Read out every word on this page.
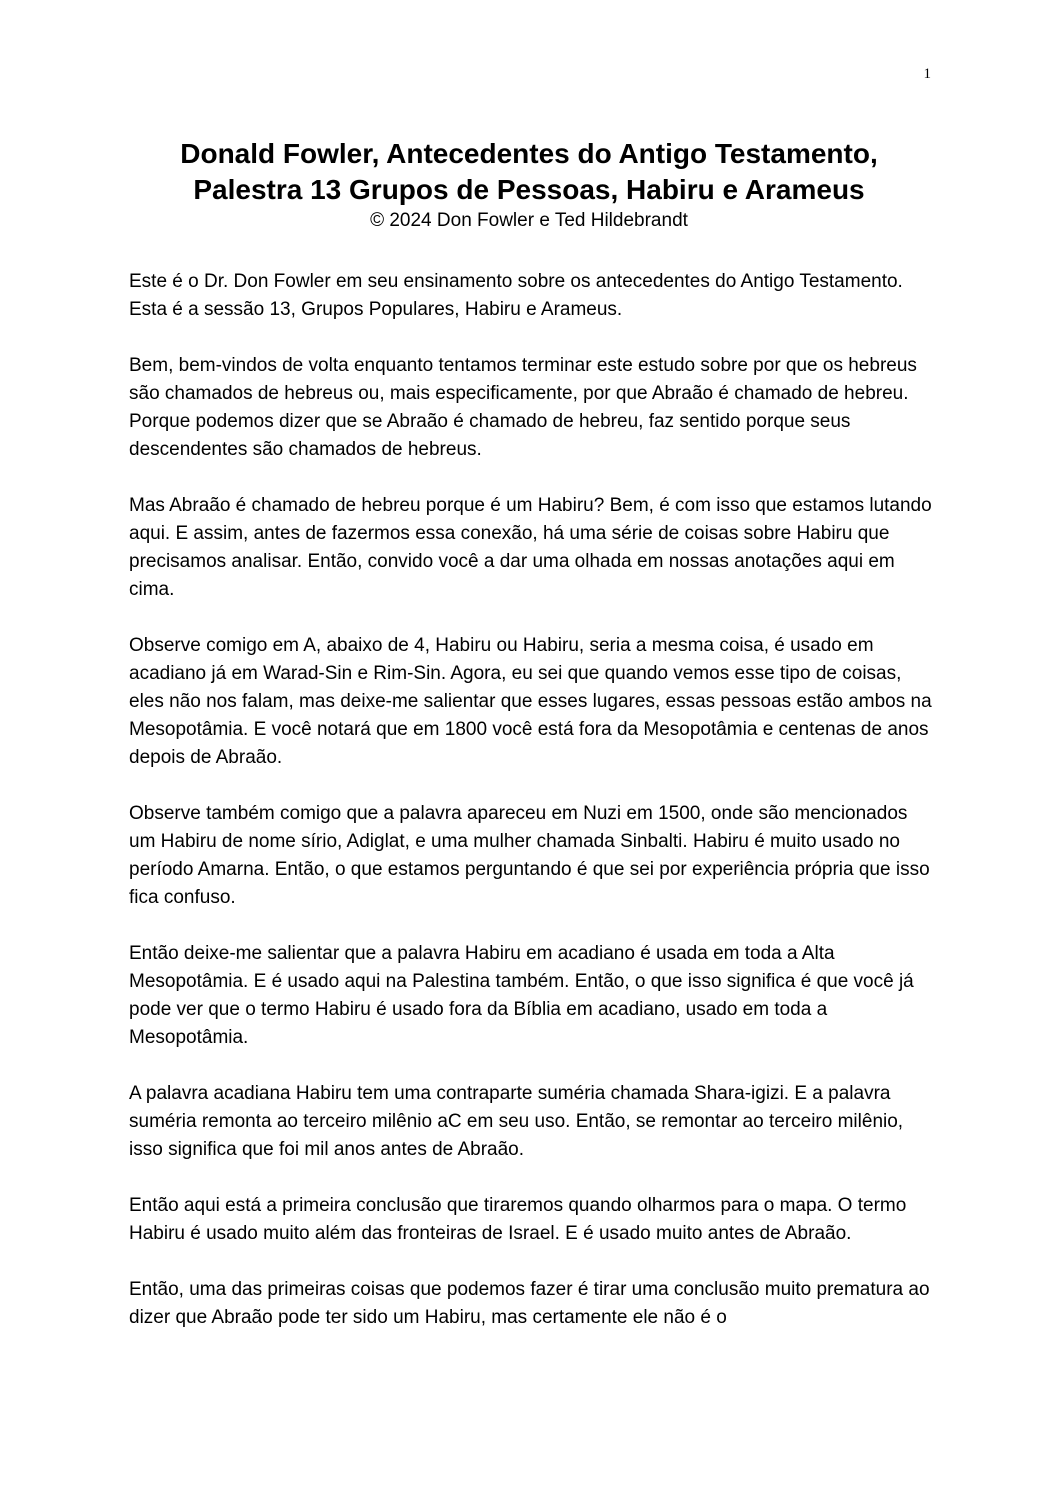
1

Donald Fowler, Antecedentes do Antigo Testamento,

Palestra 13 Grupos de Pessoas, Habiru e Arameus

© 2024 Don Fowler e Ted Hildebrandt

Este é o Dr. Don Fowler em seu ensinamento sobre os antecedentes do Antigo Testamento. Esta é a sessão 13, Grupos Populares, Habiru e Arameus.

Bem, bem-vindos de volta enquanto tentamos terminar este estudo sobre por que os hebreus são chamados de hebreus ou, mais especificamente, por que Abraão é chamado de hebreu. Porque podemos dizer que se Abraão é chamado de hebreu, faz sentido porque seus descendentes são chamados de hebreus.

Mas Abraão é chamado de hebreu porque é um Habiru? Bem, é com isso que estamos lutando aqui. E assim, antes de fazermos essa conexão, há uma série de coisas sobre Habiru que precisamos analisar. Então, convido você a dar uma olhada em nossas anotações aqui em cima.

Observe comigo em A, abaixo de 4, Habiru ou Habiru, seria a mesma coisa, é usado em acadiano já em Warad-Sin e Rim-Sin. Agora, eu sei que quando vemos esse tipo de coisas, eles não nos falam, mas deixe-me salientar que esses lugares, essas pessoas estão ambos na Mesopotâmia. E você notará que em 1800 você está fora da Mesopotâmia e centenas de anos depois de Abraão.

Observe também comigo que a palavra apareceu em Nuzi em 1500, onde são mencionados um Habiru de nome sírio, Adiglat, e uma mulher chamada Sinbalti. Habiru é muito usado no período Amarna. Então, o que estamos perguntando é que sei por experiência própria que isso fica confuso.

Então deixe-me salientar que a palavra Habiru em acadiano é usada em toda a Alta Mesopotâmia. E é usado aqui na Palestina também. Então, o que isso significa é que você já pode ver que o termo Habiru é usado fora da Bíblia em acadiano, usado em toda a Mesopotâmia.

A palavra acadiana Habiru tem uma contraparte suméria chamada Shara-igizi. E a palavra suméria remonta ao terceiro milênio aC em seu uso. Então, se remontar ao terceiro milênio, isso significa que foi mil anos antes de Abraão.

Então aqui está a primeira conclusão que tiraremos quando olharmos para o mapa. O termo Habiru é usado muito além das fronteiras de Israel. E é usado muito antes de Abraão.

Então, uma das primeiras coisas que podemos fazer é tirar uma conclusão muito prematura ao dizer que Abraão pode ter sido um Habiru, mas certamente ele não é o
